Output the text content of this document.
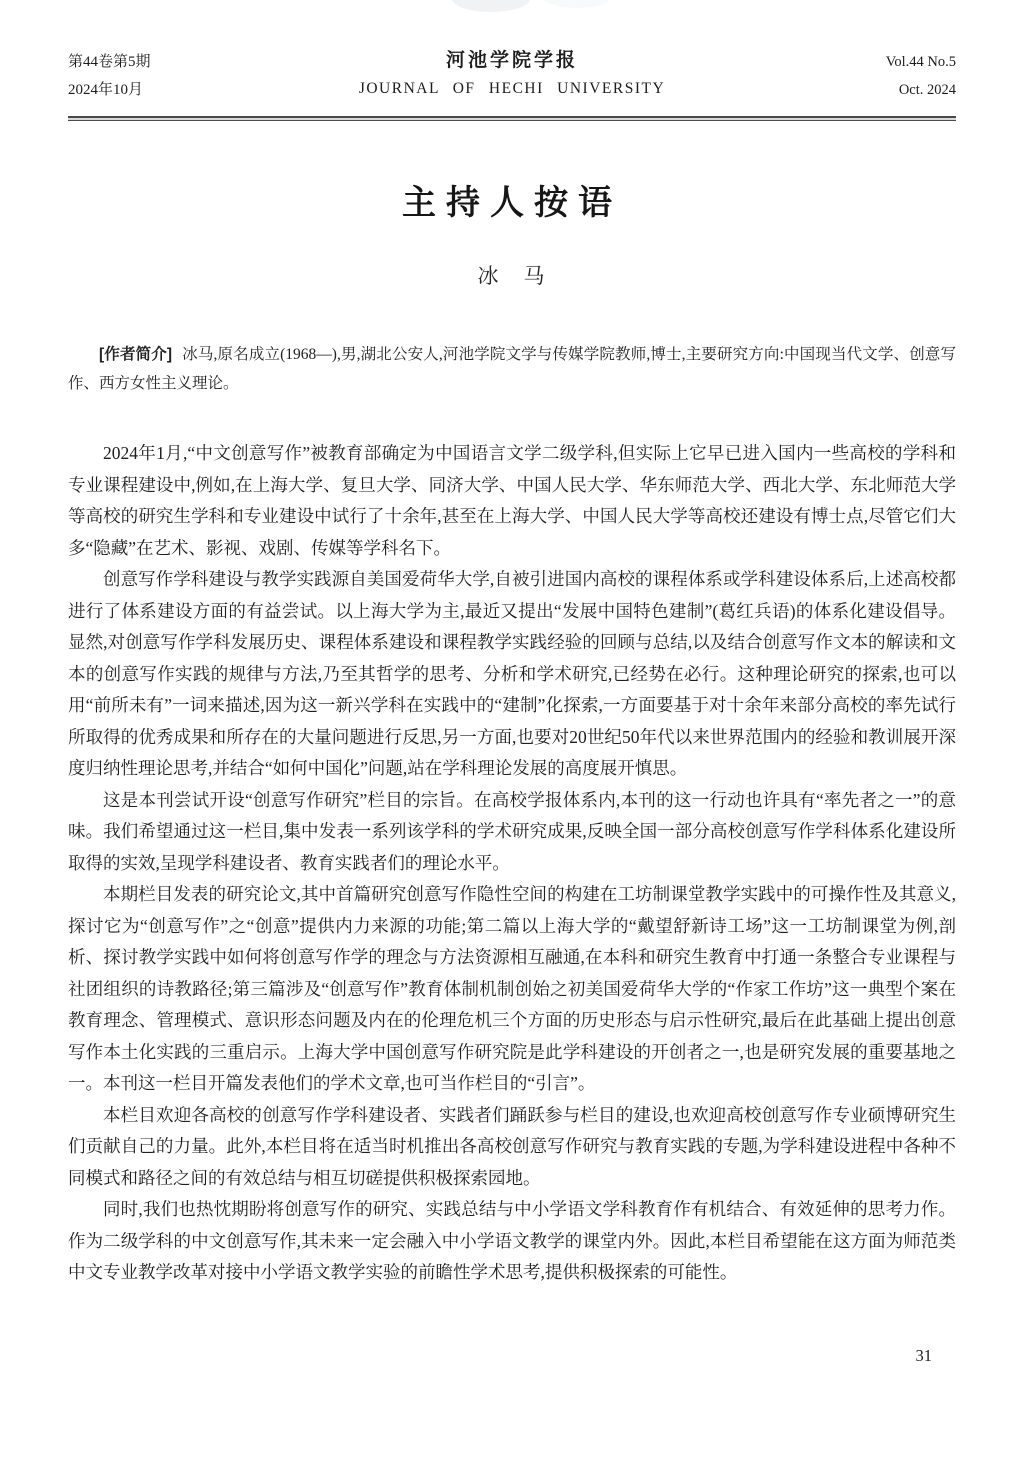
第44卷第5期
2024年10月
河池学院学报
JOURNAL OF HECHI UNIVERSITY
Vol.44 No.5
Oct. 2024
主持人按语
冰　马

[作者简介] 冰马,原名成立(1968—),男,湖北公安人,河池学院文学与传媒学院教师,博士,主要研究方向:中国现当代文学、创意写作、西方女性主义理论。

2024年1月,“中文创意写作”被教育部确定为中国语言文学二级学科,但实际上它早已进入国内一些高校的学科和专业课程建设中,例如,在上海大学、复旦大学、同济大学、中国人民大学、华东师范大学、西北大学、东北师范大学等高校的研究生学科和专业建设中试行了十余年,甚至在上海大学、中国人民大学等高校还建设有博士点,尽管它们大多“隐藏”在艺术、影视、戏剧、传媒等学科名下。

创意写作学科建设与教学实践源自美国爱荷华大学,自被引进国内高校的课程体系或学科建设体系后,上述高校都进行了体系建设方面的有益尝试。以上海大学为主,最近又提出“发展中国特色建制”(葛红兵语)的体系化建设倡导。显然,对创意写作学科发展历史、课程体系建设和课程教学实践经验的回顾与总结,以及结合创意写作文本的解读和文本的创意写作实践的规律与方法,乃至其哲学的思考、分析和学术研究,已经势在必行。这种理论研究的探索,也可以用“前所未有”一词来描述,因为这一新兴学科在实践中的“建制”化探索,一方面要基于对十余年来部分高校的率先试行所取得的优秀成果和所存在的大量问题进行反思,另一方面,也要对20世纪50年代以来世界范围内的经验和教训展开深度归纳性理论思考,并结合“如何中国化”问题,站在学科理论发展的高度展开慎思。

这是本刊尝试开设“创意写作研究”栏目的宗旨。在高校学报体系内,本刊的这一行动也许具有“率先者之一”的意味。我们希望通过这一栏目,集中发表一系列该学科的学术研究成果,反映全国一部分高校创意写作学科体系化建设所取得的实效,呈现学科建设者、教育实践者们的理论水平。

本期栏目发表的研究论文,其中首篇研究创意写作隐性空间的构建在工坊制课堂教学实践中的可操作性及其意义,探讨它为“创意写作”之“创意”提供内力来源的功能;第二篇以上海大学的“戴望舒新诗工场”这一工坊制课堂为例,剖析、探讨教学实践中如何将创意写作学的理念与方法资源相互融通,在本科和研究生教育中打通一条整合专业课程与社团组织的诗教路径;第三篇涉及“创意写作”教育体制机制创始之初美国爱荷华大学的“作家工作坊”这一典型个案在教育理念、管理模式、意识形态问题及内在的伦理危机三个方面的历史形态与启示性研究,最后在此基础上提出创意写作本土化实践的三重启示。上海大学中国创意写作研究院是此学科建设的开创者之一,也是研究发展的重要基地之一。本刊这一栏目开篇发表他们的学术文章,也可当作栏目的“引言”。

本栏目欢迎各高校的创意写作学科建设者、实践者们踊跃参与栏目的建设,也欢迎高校创意写作专业硕博研究生们贡献自己的力量。此外,本栏目将在适当时机推出各高校创意写作研究与教育实践的专题,为学科建设进程中各种不同模式和路径之间的有效总结与相互切磋提供积极探索园地。

同时,我们也热忱期盼将创意写作的研究、实践总结与中小学语文学科教育作有机结合、有效延伸的思考力作。作为二级学科的中文创意写作,其未来一定会融入中小学语文教学的课堂内外。因此,本栏目希望能在这方面为师范类中文专业教学改革对接中小学语文教学实验的前瞻性学术思考,提供积极探索的可能性。

31
